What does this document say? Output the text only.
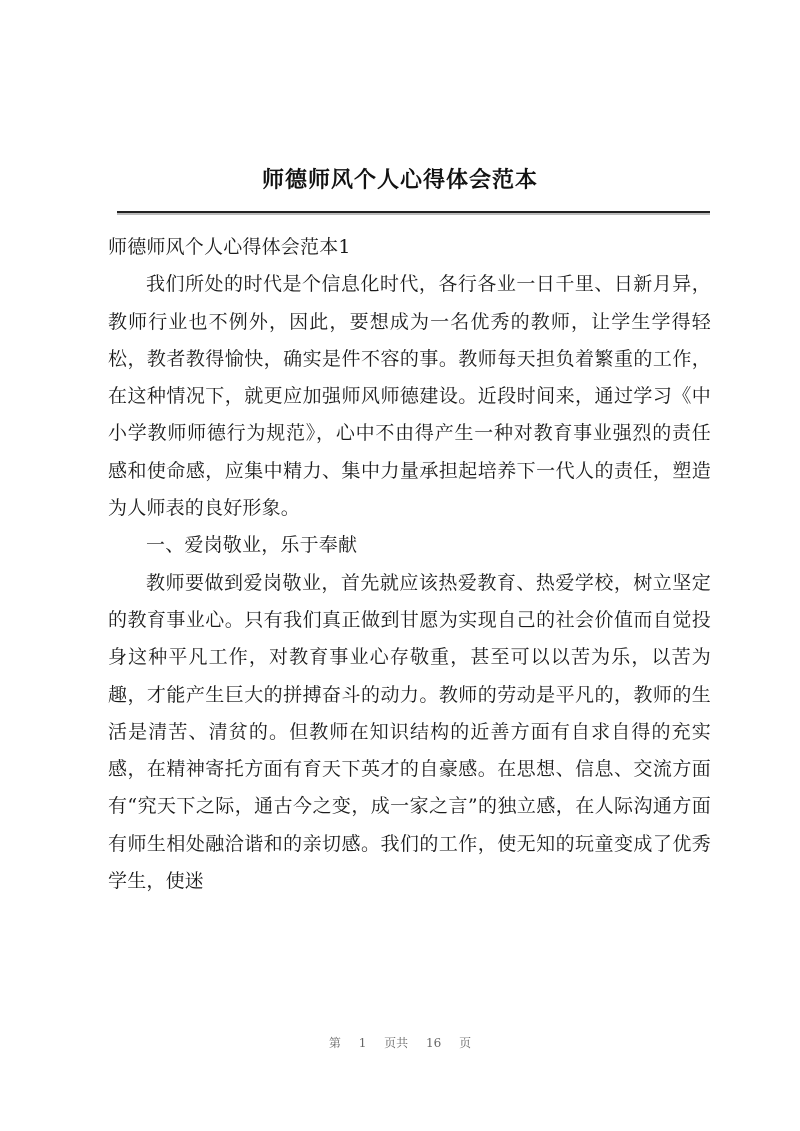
师德师风个人心得体会范本

师德师风个人心得体会范本1

我们所处的时代是个信息化时代，各行各业一日千里、日新月异，教师行业也不例外，因此，要想成为一名优秀的教师，让学生学得轻松，教者教得愉快，确实是件不容的事。教师每天担负着繁重的工作，在这种情况下，就更应加强师风师德建设。近段时间来，通过学习《中小学教师师德行为规范》，心中不由得产生一种对教育事业强烈的责任感和使命感，应集中精力、集中力量承担起培养下一代人的责任，塑造为人师表的良好形象。

一、爱岗敬业，乐于奉献

教师要做到爱岗敬业，首先就应该热爱教育、热爱学校，树立坚定的教育事业心。只有我们真正做到甘愿为实现自己的社会价值而自觉投身这种平凡工作，对教育事业心存敬重，甚至可以以苦为乐，以苦为趣，才能产生巨大的拼搏奋斗的动力。教师的劳动是平凡的，教师的生活是清苦、清贫的。但教师在知识结构的近善方面有自求自得的充实感，在精神寄托方面有育天下英才的自豪感。在思想、信息、交流方面有“究天下之际，通古今之变，成一家之言”的独立感，在人际沟通方面有师生相处融洽谐和的亲切感。我们的工作，使无知的玩童变成了优秀学生，使迷

第 1 页共 16 页
